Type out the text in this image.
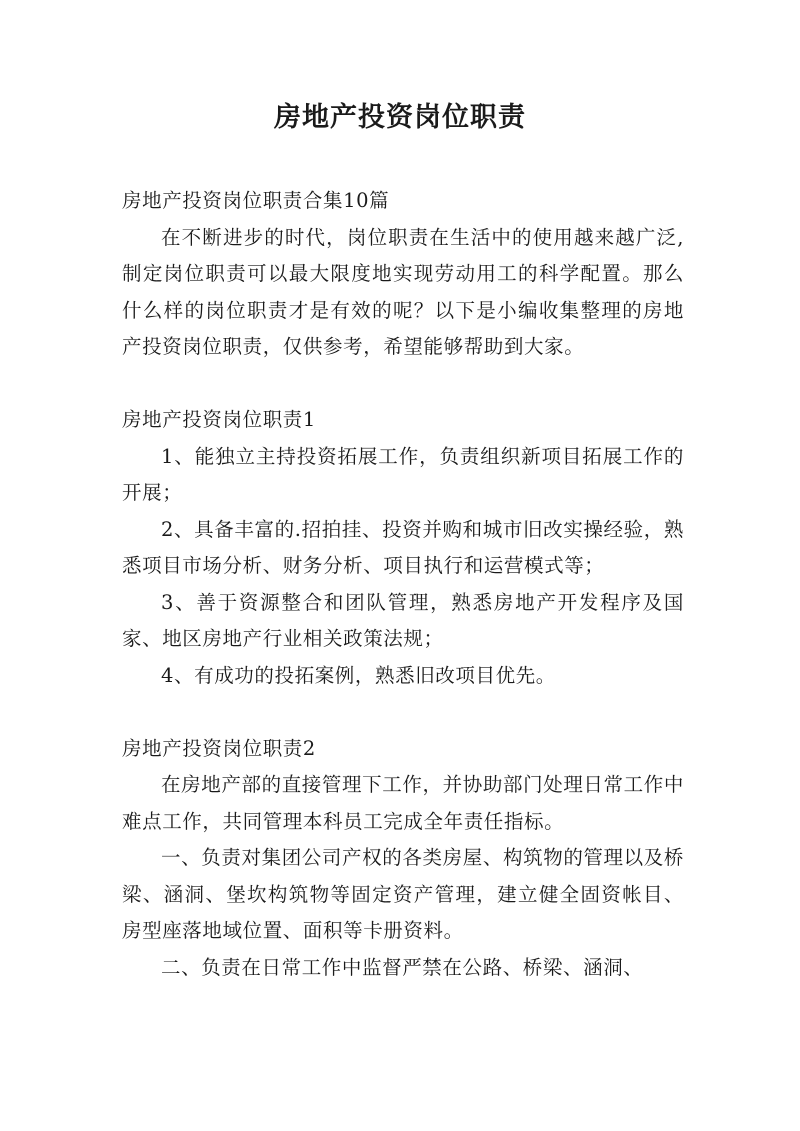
房地产投资岗位职责

房地产投资岗位职责合集10篇

在不断进步的时代，岗位职责在生活中的使用越来越广泛,制定岗位职责可以最大限度地实现劳动用工的科学配置。那么什么样的岗位职责才是有效的呢？以下是小编收集整理的房地产投资岗位职责，仅供参考，希望能够帮助到大家。

房地产投资岗位职责1

1、能独立主持投资拓展工作，负责组织新项目拓展工作的开展；

2、具备丰富的.招拍挂、投资并购和城市旧改实操经验，熟悉项目市场分析、财务分析、项目执行和运营模式等；

3、善于资源整合和团队管理，熟悉房地产开发程序及国家、地区房地产行业相关政策法规；

4、有成功的投拓案例，熟悉旧改项目优先。

房地产投资岗位职责2

在房地产部的直接管理下工作，并协助部门处理日常工作中难点工作，共同管理本科员工完成全年责任指标。

一、负责对集团公司产权的各类房屋、构筑物的管理以及桥梁、涵洞、堡坎构筑物等固定资产管理，建立健全固资帐目、房型座落地域位置、面积等卡册资料。

二、负责在日常工作中监督严禁在公路、桥梁、涵洞、
